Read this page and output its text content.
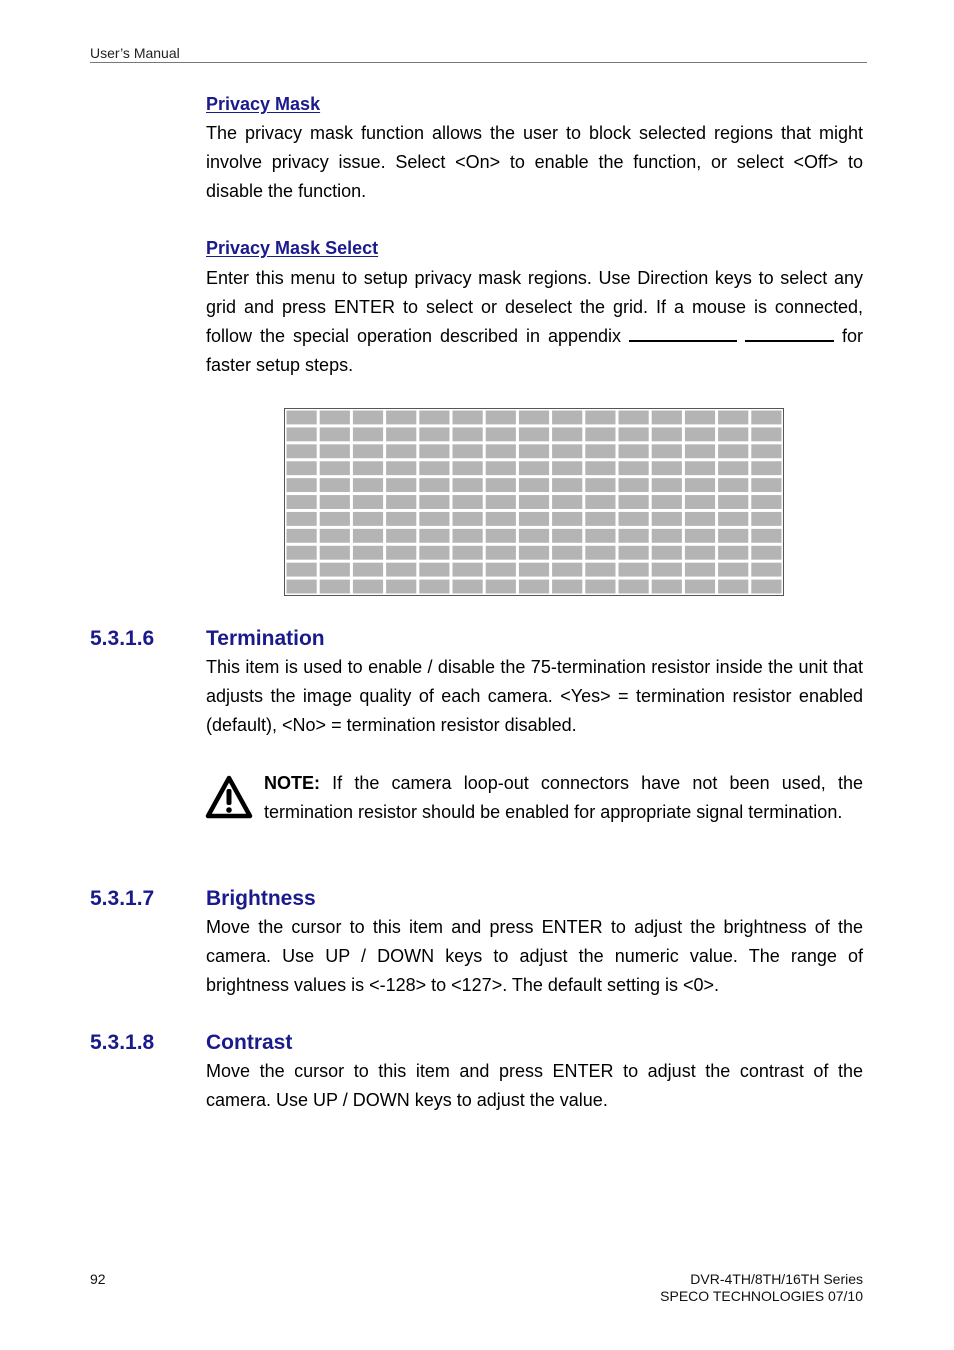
User’s Manual
Privacy Mask

The privacy mask function allows the user to block selected regions that might involve privacy issue. Select <On> to enable the function, or select <Off> to disable the function.

Privacy Mask Select

Enter this menu to setup privacy mask regions. Use Direction keys to select any grid and press ENTER to select or deselect the grid. If a mouse is connected, follow the special operation described in appendix	for faster setup steps.

5.3.1.6 Termination

This item is used to enable / disable the 75-termination resistor inside the unit that adjusts the image quality of each camera. <Yes> = termination resistor enabled (default), <No> = termination resistor disabled.

NOTE: If the camera loop-out connectors have not been used, the termination resistor should be enabled for appropriate signal termination.

5.3.1.7 Brightness

Move the cursor to this item and press ENTER to adjust the brightness of the camera. Use UP / DOWN keys to adjust the numeric value. The range of brightness values is <-128> to <127>. The default setting is <0>.

5.3.1.8 Contrast

Move the cursor to this item and press ENTER to adjust the contrast of the camera. Use UP / DOWN keys to adjust the value.

92	DVR-4TH/8TH/16TH Series
SPECO TECHNOLOGIES 07/10
